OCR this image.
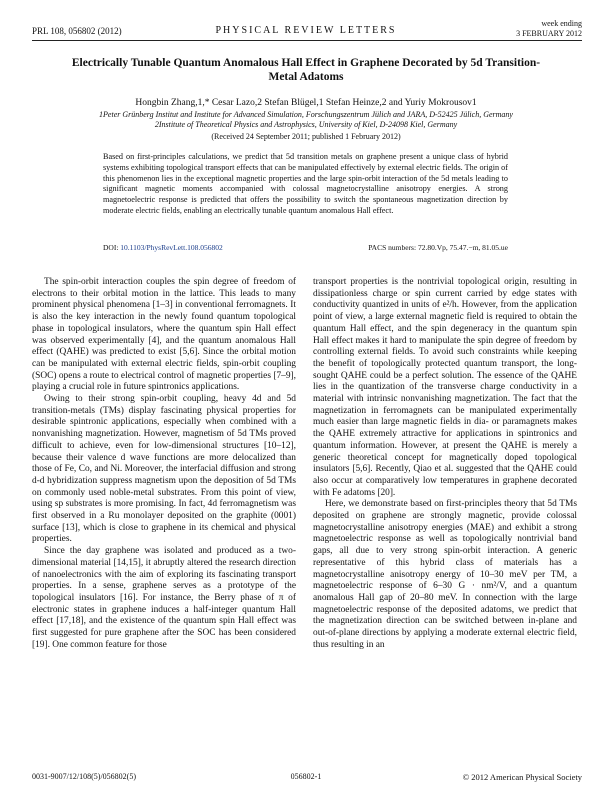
PRL 108, 056802 (2012)	PHYSICAL REVIEW LETTERS
week ending
3 FEBRUARY 2012
Electrically Tunable Quantum Anomalous Hall Effect in Graphene Decorated by 5d Transition-Metal Adatoms
Hongbin Zhang,1,* Cesar Lazo,2 Stefan Blügel,1 Stefan Heinze,2 and Yuriy Mokrousov1
1Peter Grünberg Institut and Institute for Advanced Simulation, Forschungszentrum Jülich and JARA, D-52425 Jülich, Germany
2Institute of Theoretical Physics and Astrophysics, University of Kiel, D-24098 Kiel, Germany
(Received 24 September 2011; published 1 February 2012)
Based on first-principles calculations, we predict that 5d transition metals on graphene present a unique class of hybrid systems exhibiting topological transport effects that can be manipulated effectively by external electric fields. The origin of this phenomenon lies in the exceptional magnetic properties and the large spin-orbit interaction of the 5d metals leading to significant magnetic moments accompanied with colossal magnetocrystalline anisotropy energies. A strong magnetoelectric response is predicted that offers the possibility to switch the spontaneous magnetization direction by moderate electric fields, enabling an electrically tunable quantum anomalous Hall effect.
DOI: 10.1103/PhysRevLett.108.056802	PACS numbers: 72.80.Vp, 75.47.−m, 81.05.ue

The spin-orbit interaction couples the spin degree of freedom of electrons to their orbital motion in the lattice. This leads to many prominent physical phenomena [1–3] in conventional ferromagnets. It is also the key interaction in the newly found quantum topological phase in topological insulators, where the quantum spin Hall effect was observed experimentally [4], and the quantum anomalous Hall effect (QAHE) was predicted to exist [5,6]. Since the orbital motion can be manipulated with external electric fields, spin-orbit coupling (SOC) opens a route to electrical control of magnetic properties [7–9], playing a crucial role in future spintronics applications.

Owing to their strong spin-orbit coupling, heavy 4d and 5d transition-metals (TMs) display fascinating physical properties for desirable spintronic applications, especially when combined with a nonvanishing magnetization. However, magnetism of 5d TMs proved difficult to achieve, even for low-dimensional structures [10–12], because their valence d wave functions are more delocalized than those of Fe, Co, and Ni. Moreover, the interfacial diffusion and strong d-d hybridization suppress magnetism upon the deposition of 5d TMs on commonly used noble-metal substrates. From this point of view, using sp substrates is more promising. In fact, 4d ferromagnetism was first observed in a Ru monolayer deposited on the graphite (0001) surface [13], which is close to graphene in its chemical and physical properties.

Since the day graphene was isolated and produced as a two-dimensional material [14,15], it abruptly altered the research direction of nanoelectronics with the aim of exploring its fascinating transport properties. In a sense, graphene serves as a prototype of the topological insulators [16]. For instance, the Berry phase of π of electronic states in graphene induces a half-integer quantum Hall effect [17,18], and the existence of the quantum spin Hall effect was first suggested for pure graphene after the SOC has been considered [19]. One common feature for those

transport properties is the nontrivial topological origin, resulting in dissipationless charge or spin current carried by edge states with conductivity quantized in units of e²/h. However, from the application point of view, a large external magnetic field is required to obtain the quantum Hall effect, and the spin degeneracy in the quantum spin Hall effect makes it hard to manipulate the spin degree of freedom by controlling external fields. To avoid such constraints while keeping the benefit of topologically protected quantum transport, the long-sought QAHE could be a perfect solution. The essence of the QAHE lies in the quantization of the transverse charge conductivity in a material with intrinsic nonvanishing magnetization. The fact that the magnetization in ferromagnets can be manipulated experimentally much easier than large magnetic fields in dia- or paramagnets makes the QAHE extremely attractive for applications in spintronics and quantum information. However, at present the QAHE is merely a generic theoretical concept for magnetically doped topological insulators [5,6]. Recently, Qiao et al. suggested that the QAHE could also occur at comparatively low temperatures in graphene decorated with Fe adatoms [20].

Here, we demonstrate based on first-principles theory that 5d TMs deposited on graphene are strongly magnetic, provide colossal magnetocrystalline anisotropy energies (MAE) and exhibit a strong magnetoelectric response as well as topologically nontrivial band gaps, all due to very strong spin-orbit interaction. A generic representative of this hybrid class of materials has a magnetocrystalline anisotropy energy of 10–30 meV per TM, a magnetoelectric response of 6–30 G · nm²/V, and a quantum anomalous Hall gap of 20–80 meV. In connection with the large magnetoelectric response of the deposited adatoms, we predict that the magnetization direction can be switched between in-plane and out-of-plane directions by applying a moderate external electric field, thus resulting in an

0031-9007/12/108(5)/056802(5)	056802-1	© 2012 American Physical Society
